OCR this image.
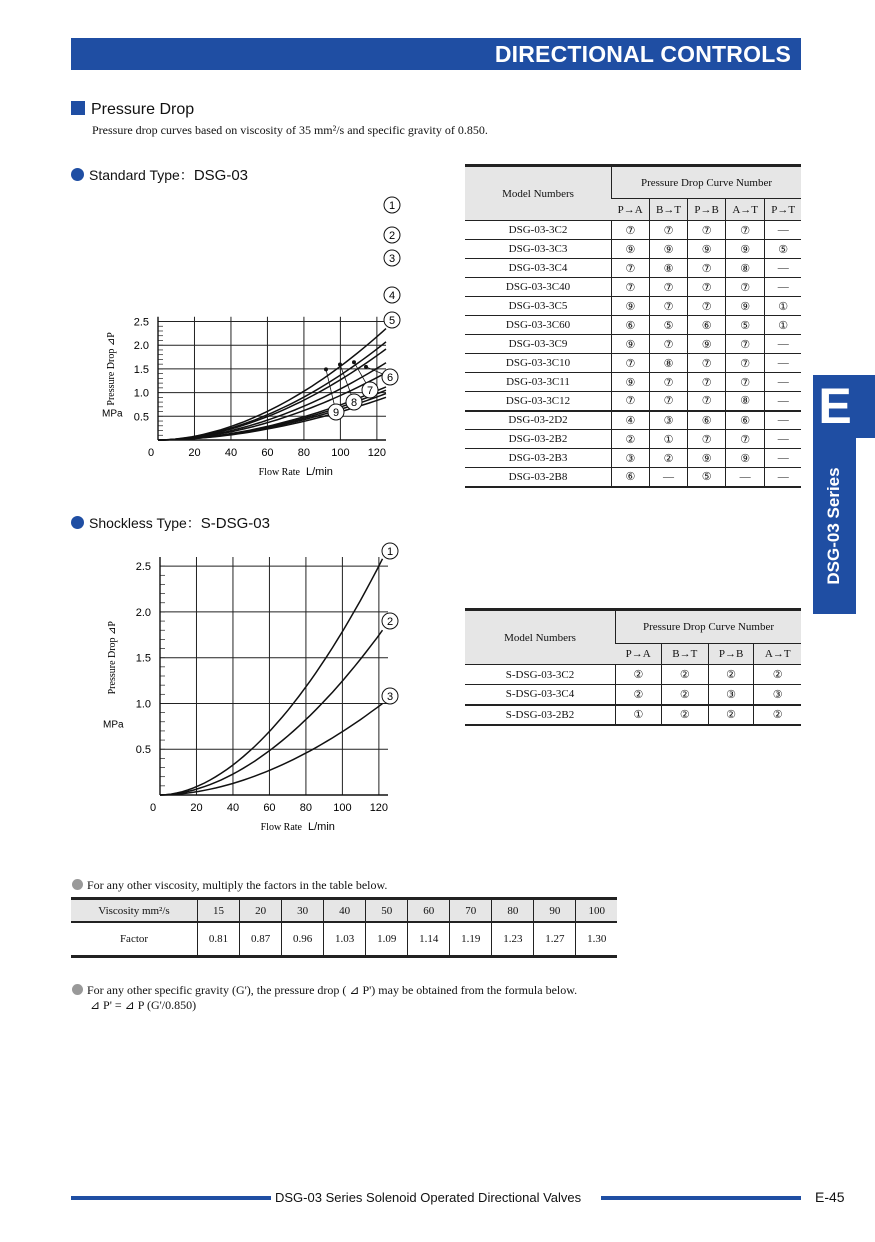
DIRECTIONAL CONTROLS
Pressure Drop
Pressure drop curves based on viscosity of 35 mm²/s and specific gravity of 0.850.
Standard Type：DSG-03
0	20 40 60 80 100 120
0.5
1.0
1.5
2.0
2.5
Flow Rate L/min
Pressure Drop ⊿P
MPa
1
2
3
4
5
6
7
8
9
Model Numbers	Pressure Drop Curve Number				
	P→A	B→T	P→B	A→T	P→T
DSG-03-3C2	⑦	⑦	⑦	⑦	—
DSG-03-3C3	⑨	⑨	⑨	⑨	⑤
DSG-03-3C4	⑦	⑧	⑦	⑧	—
DSG-03-3C40	⑦	⑦	⑦	⑦	—
DSG-03-3C5	⑨	⑦	⑦	⑨	①
DSG-03-3C60	⑥	⑤	⑥	⑤	①
DSG-03-3C9	⑨	⑦	⑨	⑦	—
DSG-03-3C10	⑦	⑧	⑦	⑦	—
DSG-03-3C11	⑨	⑦	⑦	⑦	—
DSG-03-3C12	⑦	⑦	⑦	⑧	—
DSG-03-2D2	④	③	⑥	⑥	—
DSG-03-2B2	②	①	⑦	⑦	—
DSG-03-2B3	③	②	⑨	⑨	—
DSG-03-2B8	⑥	—	⑤	—	—
Shockless Type：S-DSG-03
0	20 40 60 80 100 120
0.5
1.0
1.5
2.0
2.5
Flow Rate L/min
Pressure Drop ⊿P
MPa
1
2
3
Model Numbers	Pressure Drop Curve Number			
	P→A	B→T	P→B	A→T
S-DSG-03-3C2	②	②	②	②
S-DSG-03-3C4	②	②	③	③
S-DSG-03-2B2	①	②	②	②
For any other viscosity, multiply the factors in the table below.
Viscosity mm²/s	15	20	30	40	50	60	70	80	90	100
Factor	0.81	0.87	0.96	1.03	1.09	1.14	1.19	1.23	1.27	1.30
For any other specific gravity (G'), the pressure drop ( ⊿ P') may be obtained from the formula below.
⊿ P' = ⊿ P (G'/0.850)
E
DSG-03 Series
DSG-03 Series Solenoid Operated Directional Valves	E-45
